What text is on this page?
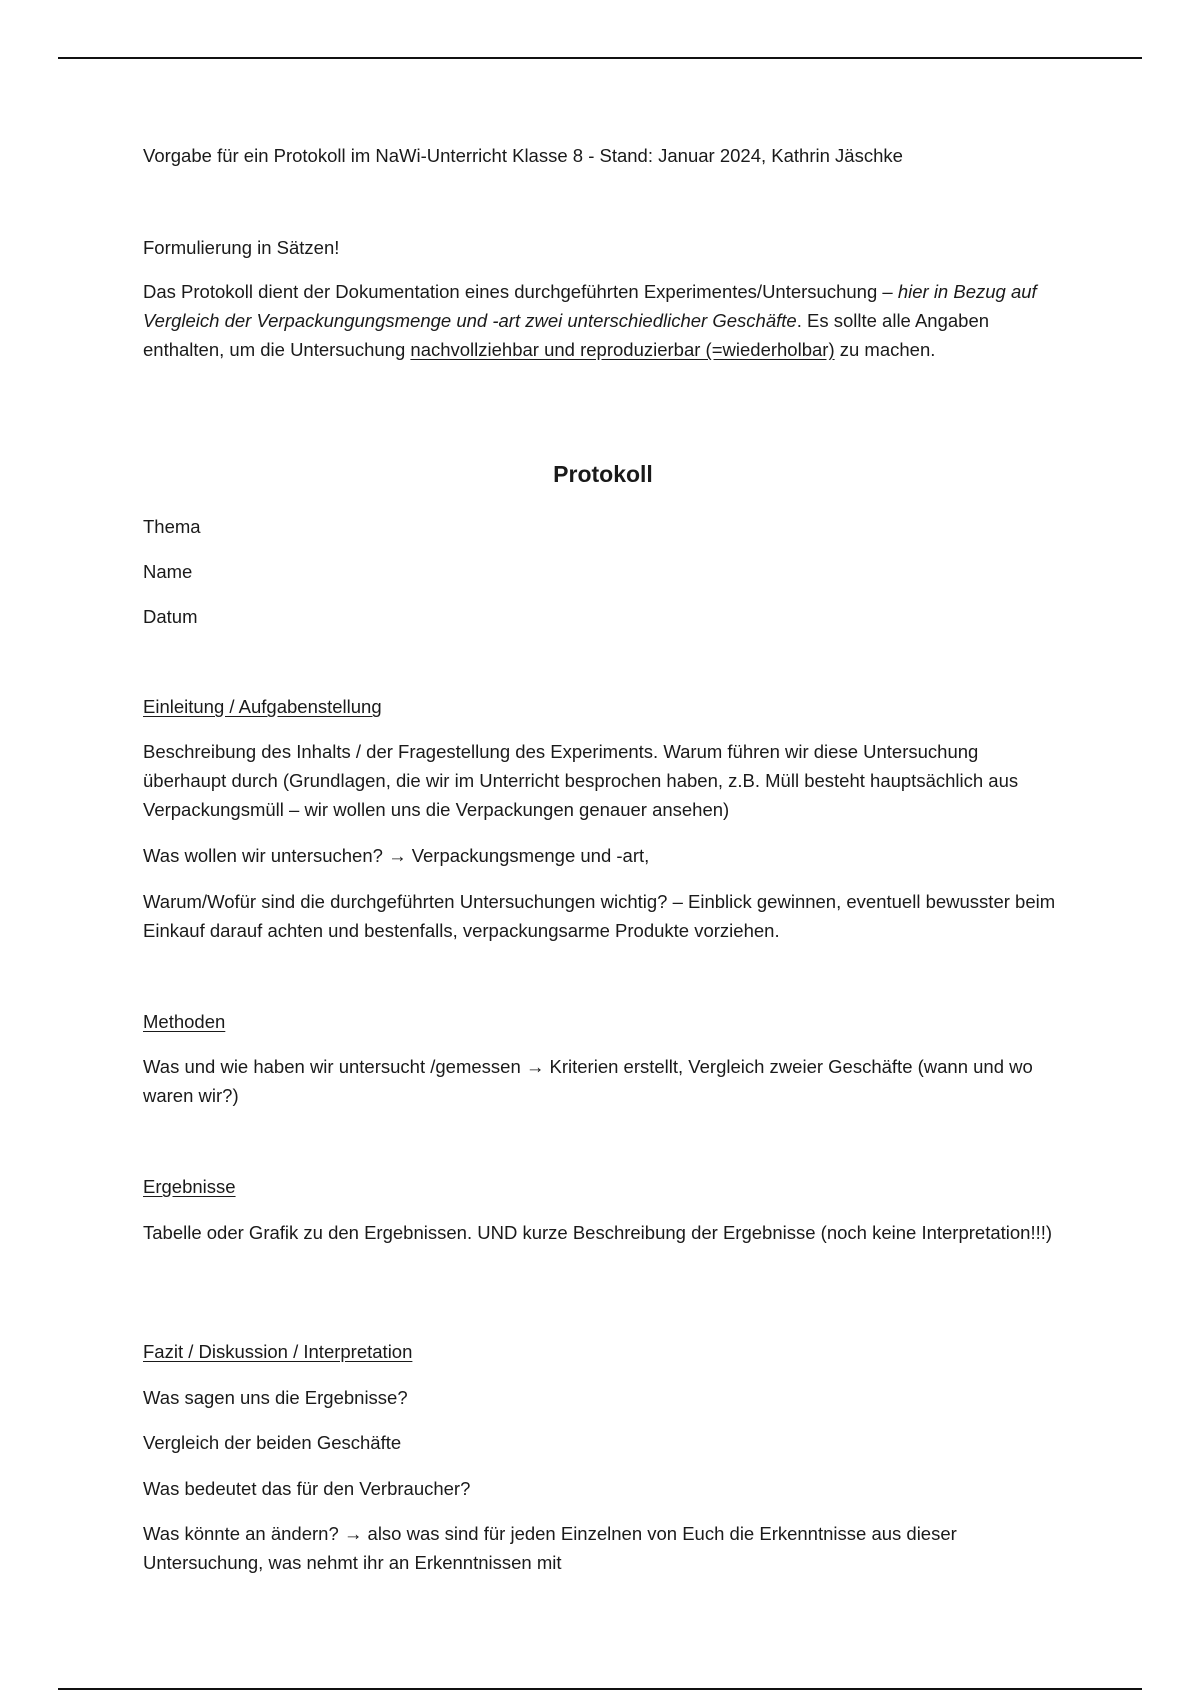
Vorgabe für ein Protokoll im NaWi-Unterricht Klasse 8 - Stand: Januar 2024, Kathrin Jäschke

Formulierung in Sätzen!

Das Protokoll dient der Dokumentation eines durchgeführten Experimentes/Untersuchung – hier in Bezug auf Vergleich der Verpackungungsmenge und -art zwei unterschiedlicher Geschäfte. Es sollte alle Angaben enthalten, um die Untersuchung nachvollziehbar und reproduzierbar (=wiederholbar) zu machen.

Protokoll

Thema

Name

Datum

Einleitung / Aufgabenstellung

Beschreibung des Inhalts / der Fragestellung des Experiments. Warum führen wir diese Untersuchung überhaupt durch (Grundlagen, die wir im Unterricht besprochen haben, z.B. Müll besteht hauptsächlich aus Verpackungsmüll – wir wollen uns die Verpackungen genauer ansehen)

Was wollen wir untersuchen? → Verpackungsmenge und -art,

Warum/Wofür sind die durchgeführten Untersuchungen wichtig? – Einblick gewinnen, eventuell bewusster beim Einkauf darauf achten und bestenfalls, verpackungsarme Produkte vorziehen.

Methoden

Was und wie haben wir untersucht /gemessen → Kriterien erstellt, Vergleich zweier Geschäfte (wann und wo waren wir?)

Ergebnisse

Tabelle oder Grafik zu den Ergebnissen. UND kurze Beschreibung der Ergebnisse (noch keine Interpretation!!!)

Fazit / Diskussion / Interpretation

Was sagen uns die Ergebnisse?

Vergleich der beiden Geschäfte

Was bedeutet das für den Verbraucher?

Was könnte an ändern? → also was sind für jeden Einzelnen von Euch die Erkenntnisse aus dieser Untersuchung, was nehmt ihr an Erkenntnissen mit
